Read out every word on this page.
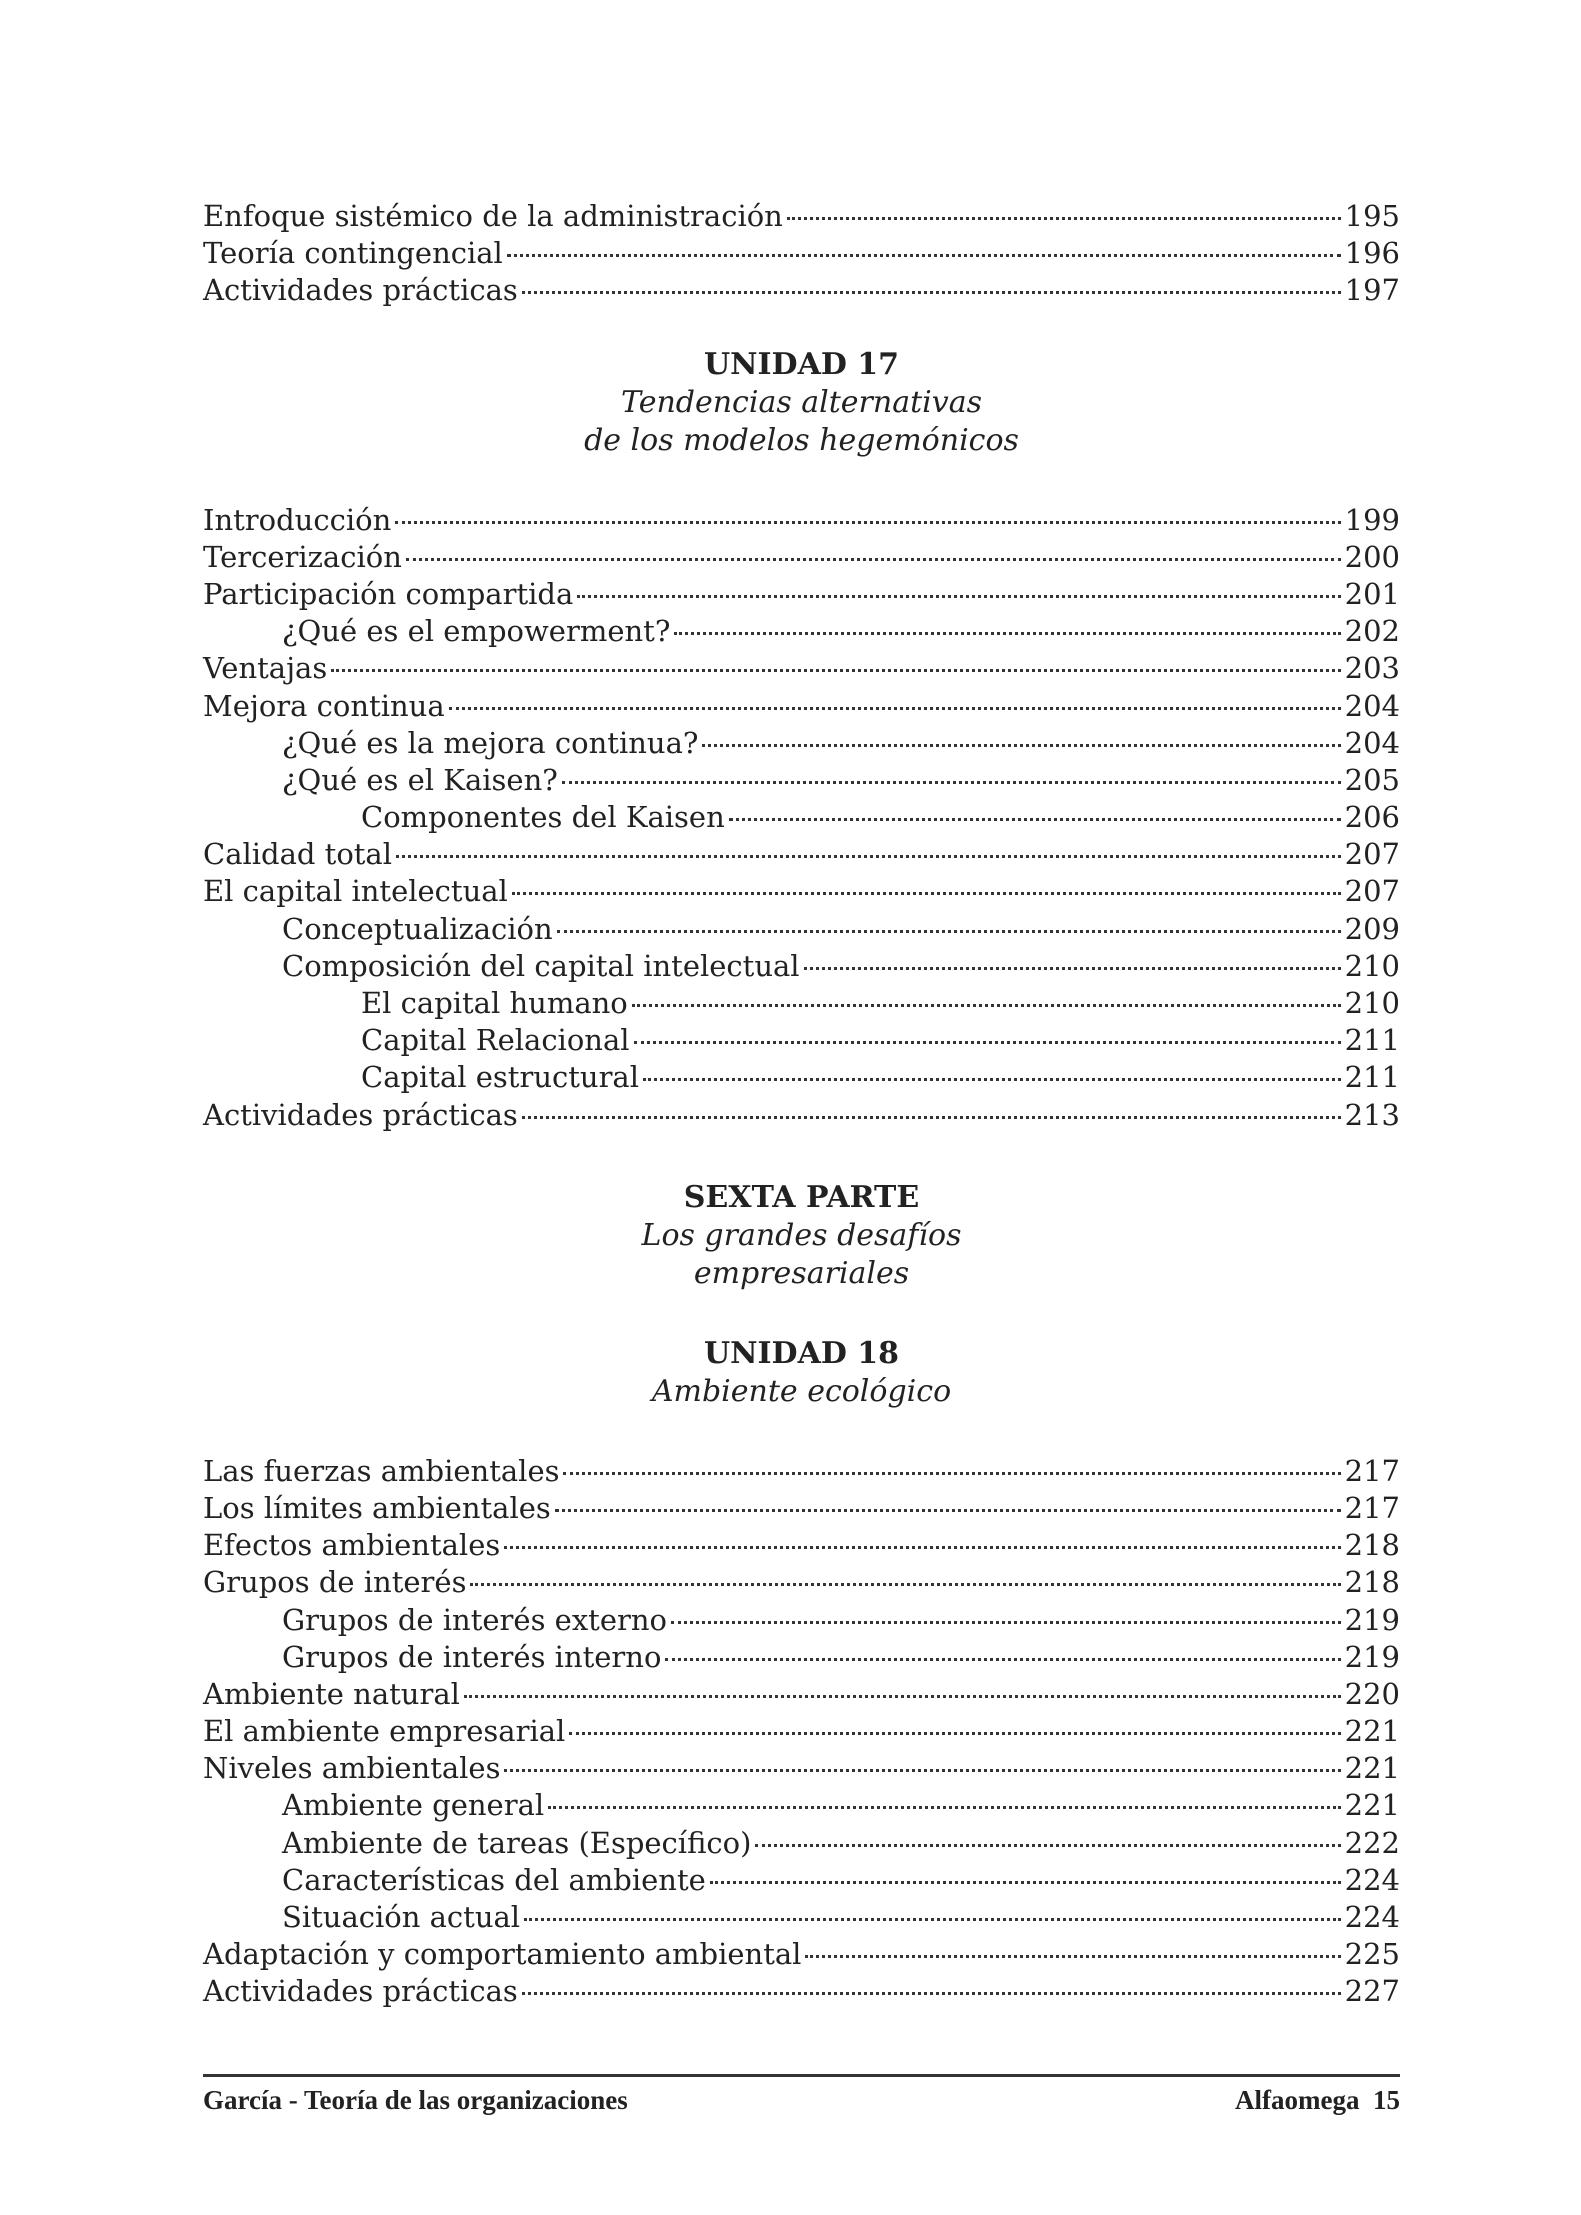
Enfoque sistémico de la administración	195
Teoría contingencial	196
Actividades prácticas	197
UNIDAD 17
Tendencias alternativas
de los modelos hegemónicos
Introducción	199
Tercerización	200
Participación compartida	201
¿Qué es el empowerment?	202
Ventajas	203
Mejora continua	204
¿Qué es la mejora continua?	204
¿Qué es el Kaisen?	205
Componentes del Kaisen	206
Calidad total	207
El capital intelectual	207
Conceptualización	209
Composición del capital intelectual	210
El capital humano	210
Capital Relacional	211
Capital estructural	211
Actividades prácticas	213
SEXTA PARTE
Los grandes desafíos
empresariales
UNIDAD 18
Ambiente ecológico
Las fuerzas ambientales	217
Los límites ambientales	217
Efectos ambientales	218
Grupos de interés	218
Grupos de interés externo	219
Grupos de interés interno	219
Ambiente natural	220
El ambiente empresarial	221
Niveles ambientales	221
Ambiente general	221
Ambiente de tareas (Específico)	222
Características del ambiente	224
Situación actual	224
Adaptación y comportamiento ambiental	225
Actividades prácticas	227
García - Teoría de las organizaciones	Alfaomega  15
